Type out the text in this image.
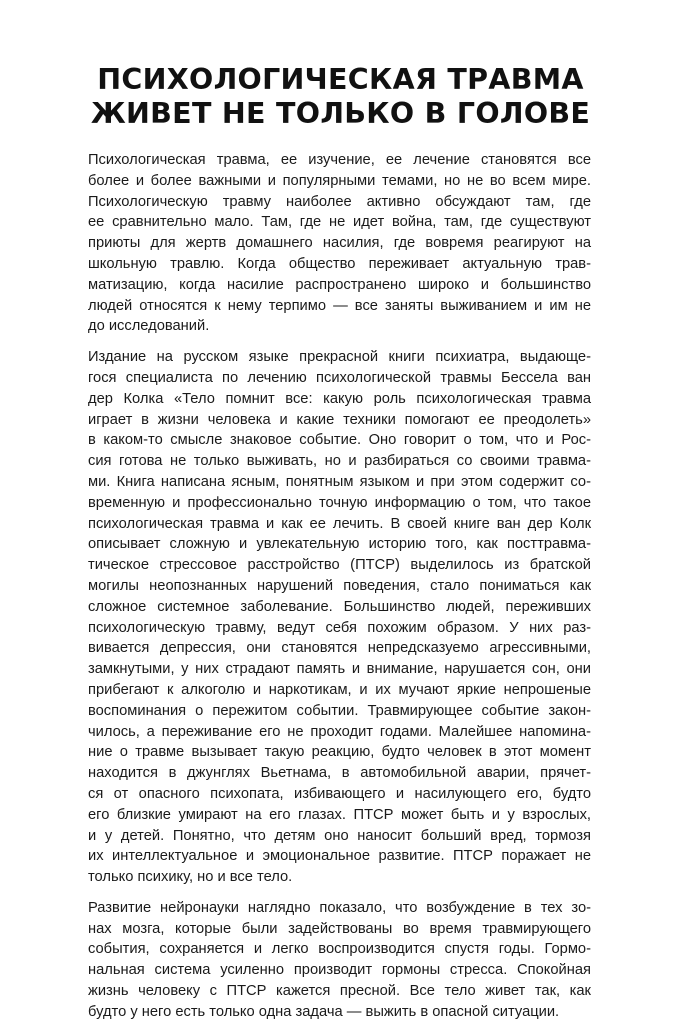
ПСИХОЛОГИЧЕСКАЯ ТРАВМА
ЖИВЕТ НЕ ТОЛЬКО В ГОЛОВЕ
Психологическая травма, ее изучение, ее лечение становятся все
более и более важными и популярными темами, но не во всем мире.
Психологическую травму наиболее активно обсуждают там, где
ее сравнительно мало. Там, где не идет война, там, где существуют
приюты для жертв домашнего насилия, где вовремя реагируют на
школьную травлю. Когда общество переживает актуальную трав-
матизацию, когда насилие распространено широко и большинство
людей относятся к нему терпимо — все заняты выживанием и им не
до исследований.
Издание на русском языке прекрасной книги психиатра, выдающе-
гося специалиста по лечению психологической травмы Бессела ван
дер Колка «Тело помнит все: какую роль психологическая травма
играет в жизни человека и какие техники помогают ее преодолеть»
в каком-то смысле знаковое событие. Оно говорит о том, что и Рос-
сия готова не только выживать, но и разбираться со своими травма-
ми. Книга написана ясным, понятным языком и при этом содержит со-
временную и профессионально точную информацию о том, что такое
психологическая травма и как ее лечить. В своей книге ван дер Колк
описывает сложную и увлекательную историю того, как посттравма-
тическое стрессовое расстройство (ПТСР) выделилось из братской
могилы неопознанных нарушений поведения, стало пониматься как
сложное системное заболевание. Большинство людей, переживших
психологическую травму, ведут себя похожим образом. У них раз-
вивается депрессия, они становятся непредсказуемо агрессивными,
замкнутыми, у них страдают память и внимание, нарушается сон, они
прибегают к алкоголю и наркотикам, и их мучают яркие непрошеные
воспоминания о пережитом событии. Травмирующее событие закон-
чилось, а переживание его не проходит годами. Малейшее напомина-
ние о травме вызывает такую реакцию, будто человек в этот момент
находится в джунглях Вьетнама, в автомобильной аварии, прячет-
ся от опасного психопата, избивающего и насилующего его, будто
его близкие умирают на его глазах. ПТСР может быть и у взрослых,
и у детей. Понятно, что детям оно наносит больший вред, тормозя
их интеллектуальное и эмоциональное развитие. ПТСР поражает не
только психику, но и все тело.
Развитие нейронауки наглядно показало, что возбуждение в тех зо-
нах мозга, которые были задействованы во время травмирующего
события, сохраняется и легко воспроизводится спустя годы. Гормо-
нальная система усиленно производит гормоны стресса. Спокойная
жизнь человеку с ПТСР кажется пресной. Все тело живет так, как
будто у него есть только одна задача — выжить в опасной ситуации.
